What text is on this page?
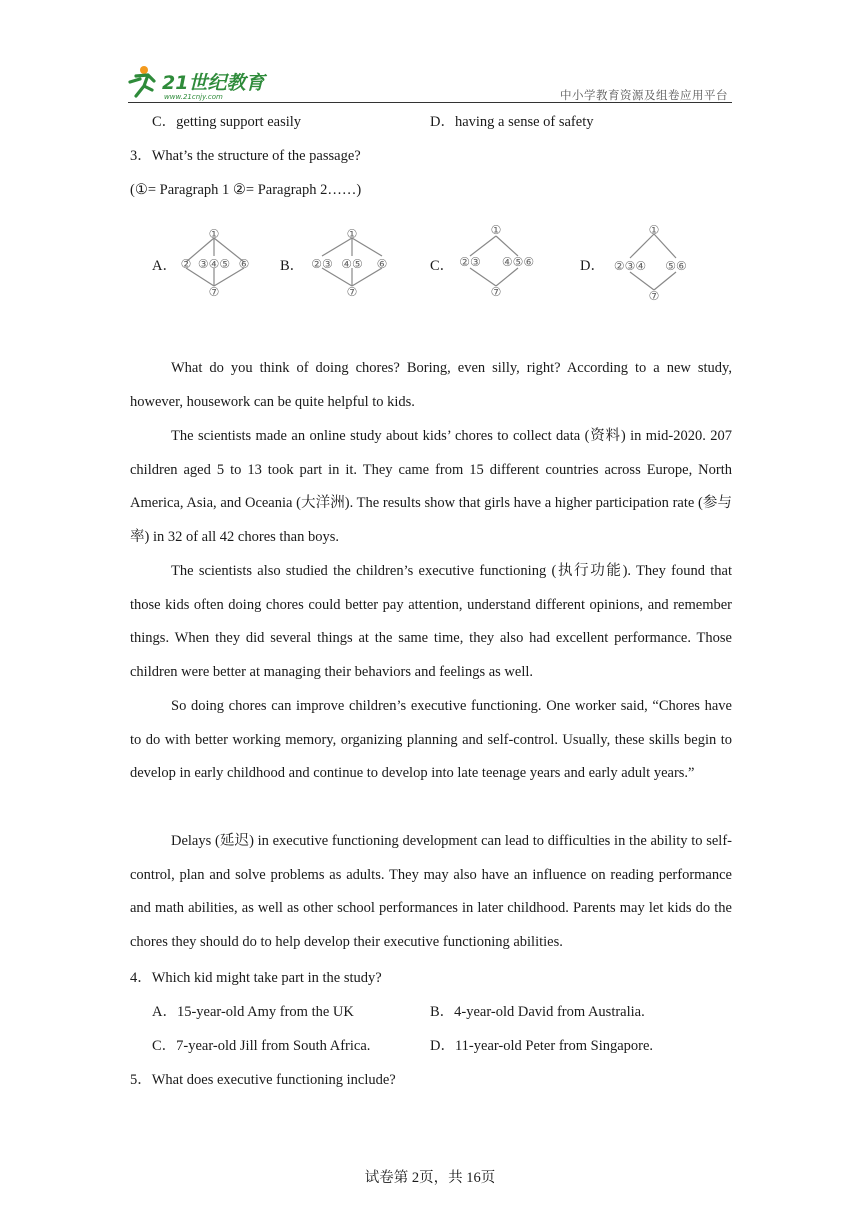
21世纪教育
www.21cnjy.com	中小学教育资源及组卷应用平台
C．getting support easily	D．having a sense of safety
3．What’s the structure of the passage?
(①= Paragraph 1 ②= Paragraph 2……)
A．	B．	C．	D．
①
② ③④⑤ ⑥
⑦
①
②③ ④⑤ ⑥
⑦
①
②③ ④⑤⑥
⑦
①
②③④ ⑤⑥
⑦

What do you think of doing chores? Boring, even silly, right? According to a new study, however, housework can be quite helpful to kids.

The scientists made an online study about kids’ chores to collect data (资料) in mid-2020. 207 children aged 5 to 13 took part in it. They came from 15 different countries across Europe, North America, Asia, and Oceania (大洋洲). The results show that girls have a higher participation rate (参与率) in 32 of all 42 chores than boys.

The scientists also studied the children’s executive functioning (执行功能). They found that those kids often doing chores could better pay attention, understand different opinions, and remember things. When they did several things at the same time, they also had excellent performance. Those children were better at managing their behaviors and feelings as well.

So doing chores can improve children’s executive functioning. One worker said, “Chores have to do with better working memory, organizing planning and self-control. Usually, these skills begin to develop in early childhood and continue to develop into late teenage years and early adult years.”

Delays (延迟) in executive functioning development can lead to difficulties in the ability to self-control, plan and solve problems as adults. They may also have an influence on reading performance and math abilities, as well as other school performances in later childhood. Parents may let kids do the chores they should do to help develop their executive functioning abilities.

4．Which kid might take part in the study?
A．15-year-old Amy from the UK	B．4-year-old David from Australia.
C．7-year-old Jill from South Africa.	D．11-year-old Peter from Singapore.
5．What does executive functioning include?
试卷第 2页，共 16页
